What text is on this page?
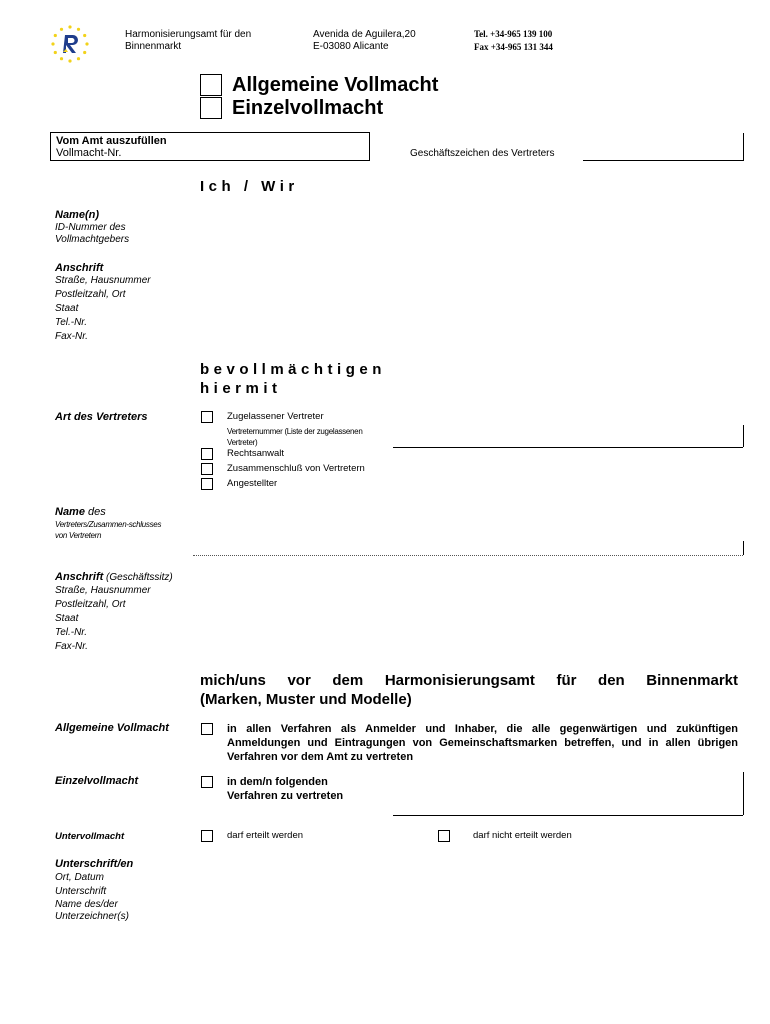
Harmonisierungsamt für den
Binnenmarkt
Avenida de Aguilera,20
E-03080 Alicante
Tel. +34-965 139 100
Fax +34-965 131 344
Allgemeine Vollmacht
Einzelvollmacht
Vom Amt auszufüllen
Vollmacht-Nr.	Geschäftszeichen des Vertreters
Ich / Wir
Name(n)
ID-Nummer des
Vollmachtgebers
Anschrift
Straße, Hausnummer
Postleitzahl, Ort
Staat
Tel.-Nr.
Fax-Nr.
bevollmächtigen
hiermit
Art des Vertreters	Zugelassener Vertreter
Vertreternummer (Liste der zugelassenen
Vertreter)
Rechtsanwalt
Zusammenschluß von Vertretern
Angestellter
Name des
Vertreters/Zusammen-schlusses
von Vertretern
Anschrift (Geschäftssitz)
Straße, Hausnummer
Postleitzahl, Ort
Staat
Tel.-Nr.
Fax-Nr.
mich/uns vor dem Harmonisierungsamt für den Binnenmarkt
(Marken, Muster und Modelle)
Allgemeine Vollmacht	in allen Verfahren als Anmelder und Inhaber, die alle gegenwärtigen und zukünftigen Anmeldungen und Eintragungen von Gemeinschaftsmarken betreffen, und in allen übrigen Verfahren vor dem Amt zu vertreten
Einzelvollmacht	in dem/n folgenden
Verfahren zu vertreten
Untervollmacht	darf erteilt werden	darf nicht erteilt werden
Unterschrift/en
Ort, Datum
Unterschrift
Name des/der
Unterzeichner(s)
